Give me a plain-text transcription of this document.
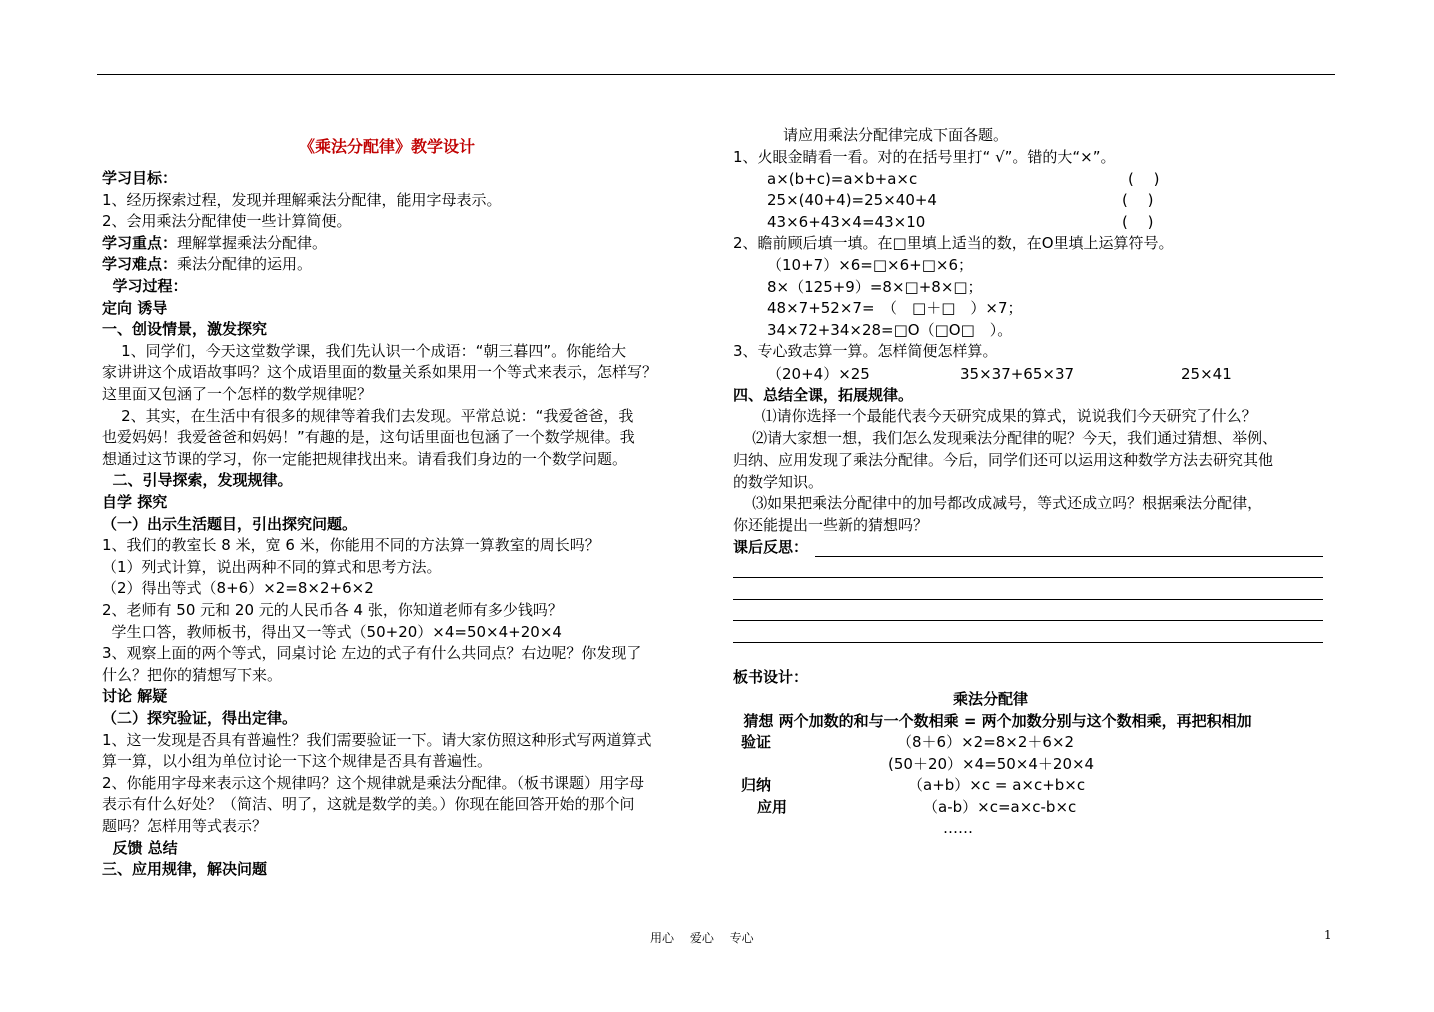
《乘法分配律》教学设计
学习目标：
1、经历探索过程，发现并理解乘法分配律，能用字母表示。
2、会用乘法分配律使一些计算简便。
学习重点：理解掌握乘法分配律。
学习难点：乘法分配律的运用。
学习过程：
定向 诱导
一、创设情景，激发探究
1、同学们，今天这堂数学课，我们先认识一个成语：“朝三暮四”。你能给大
家讲讲这个成语故事吗？这个成语里面的数量关系如果用一个等式来表示，怎样写？
这里面又包涵了一个怎样的数学规律呢？
2、其实，在生活中有很多的规律等着我们去发现。平常总说：“我爱爸爸，我
也爱妈妈！我爱爸爸和妈妈！”有趣的是，这句话里面也包涵了一个数学规律。我
想通过这节课的学习，你一定能把规律找出来。请看我们身边的一个数学问题。
二、引导探索，发现规律。
自学 探究
（一）出示生活题目，引出探究问题。
1、我们的教室长 8 米，宽 6 米，你能用不同的方法算一算教室的周长吗？
（1）列式计算，说出两种不同的算式和思考方法。
（2）得出等式（8+6）×2=8×2+6×2
2、老师有 50 元和 20 元的人民币各 4 张，你知道老师有多少钱吗？
学生口答，教师板书，得出又一等式（50+20）×4=50×4+20×4
3、观察上面的两个等式，同桌讨论 左边的式子有什么共同点？右边呢？你发现了
什么？把你的猜想写下来。
讨论 解疑
（二）探究验证，得出定律。
1、这一发现是否具有普遍性？我们需要验证一下。请大家仿照这种形式写两道算式
算一算，以小组为单位讨论一下这个规律是否具有普遍性。
2、你能用字母来表示这个规律吗？这个规律就是乘法分配律。（板书课题）用字母
表示有什么好处？（简洁、明了，这就是数学的美。）你现在能回答开始的那个问
题吗？怎样用等式表示？
反馈 总结
三、应用规律，解决问题
请应用乘法分配律完成下面各题。
1、火眼金睛看一看。对的在括号里打“ √”。错的大“×”。
a×(b+c)=a×b+a×c	(　 )
25×(40+4)=25×40+4	(　 )
43×6+43×4=43×10	(　 )
2、瞻前顾后填一填。在□里填上适当的数，在O里填上运算符号。
（10+7）×6=□×6+□×6；
8×（125+9）=8×□+8×□；
48×7+52×7=　（　□＋□　）×7；
34×72+34×28=□O（□O□　）。
3、专心致志算一算。怎样简便怎样算。
（20+4）×25	35×37+65×37	25×41
四、总结全课，拓展规律。
⑴请你选择一个最能代表今天研究成果的算式，说说我们今天研究了什么？
⑵请大家想一想，我们怎么发现乘法分配律的呢？今天，我们通过猜想、举例、
归纳、应用发现了乘法分配律。今后，同学们还可以运用这种数学方法去研究其他
的数学知识。
⑶如果把乘法分配律中的加号都改成减号，等式还成立吗？根据乘法分配律，
你还能提出一些新的猜想吗？
课后反思：
板书设计：
乘法分配律
猜想 两个加数的和与一个数相乘 = 两个加数分别与这个数相乘，再把积相加
验证	（8＋6）×2=8×2＋6×2
(50＋20）×4=50×4＋20×4
归纳	（a+b）×c = a×c+b×c
应用	（a-b）×c=a×c-b×c
……
用心　 爱心　 专心	1
